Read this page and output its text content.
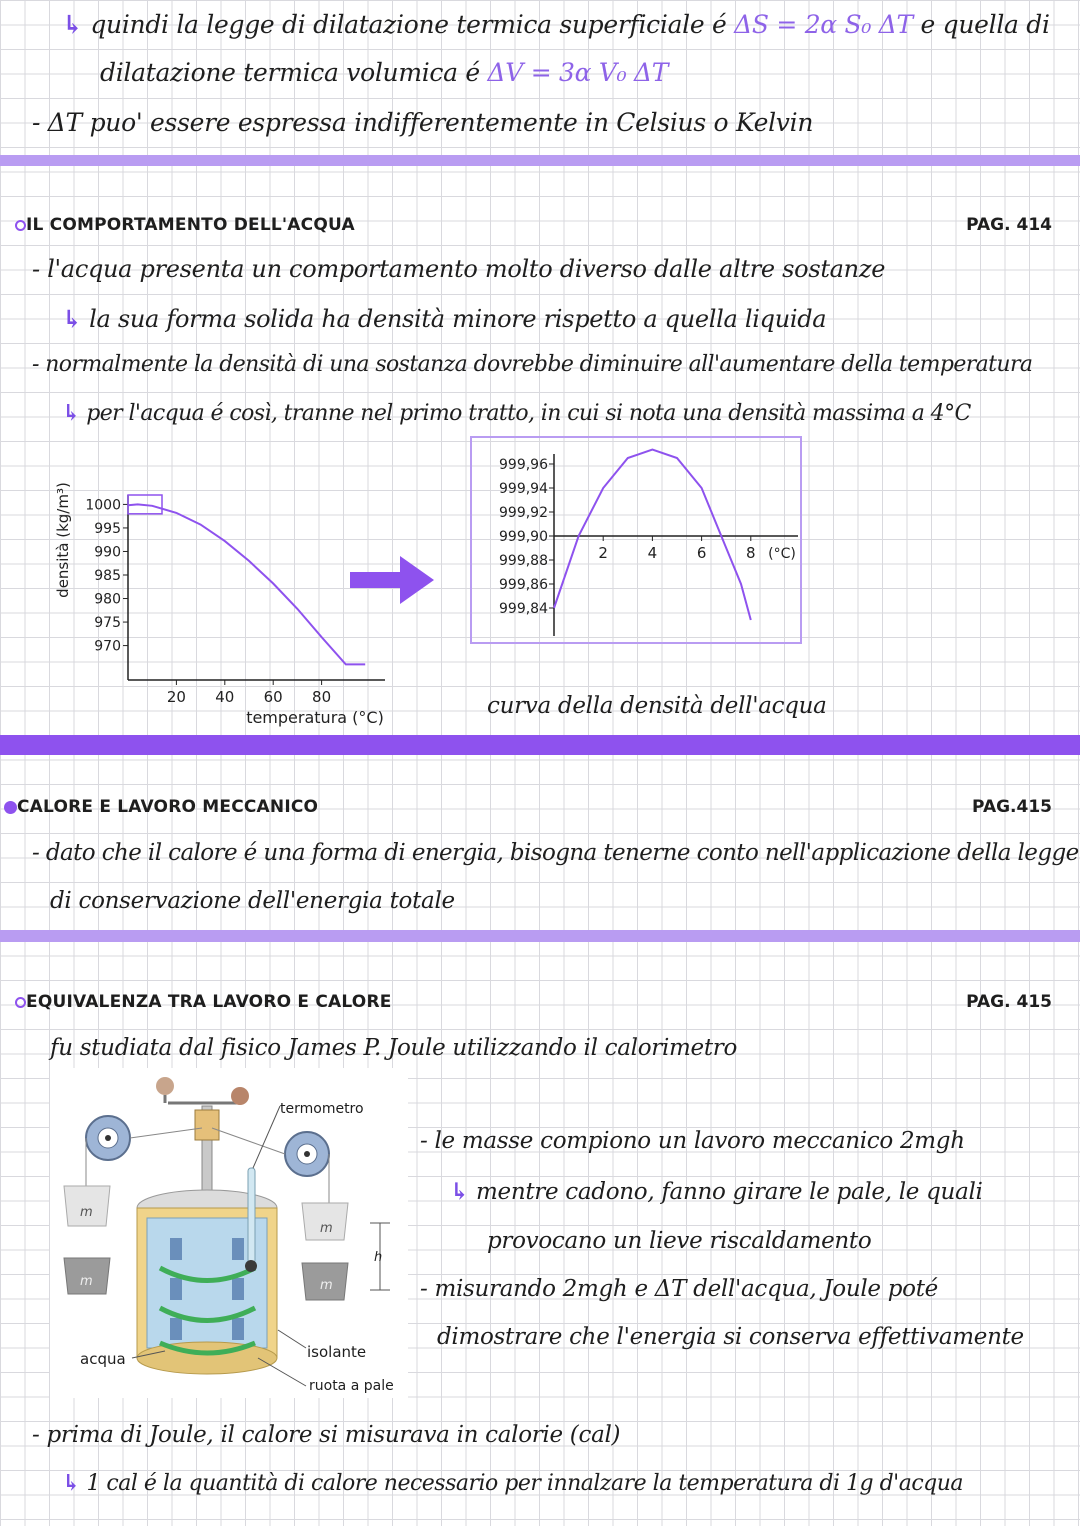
↳ quindi la legge di dilatazione termica superficiale é ΔS = 2α S₀ ΔT e quella di
dilatazione termica volumica é ΔV = 3α V₀ ΔT
- ΔT puo' essere espressa indifferentemente in Celsius o Kelvin
IL COMPORTAMENTO DELL'ACQUA	PAG. 414
- l'acqua presenta un comportamento molto diverso dalle altre sostanze
↳ la sua forma solida ha densità minore rispetto a quella liquida
- normalmente la densità di una sostanza dovrebbe diminuire all'aumentare della temperatura
↳ per l'acqua é così, tranne nel primo tratto, in cui si nota una densità massima a 4°C
1000
995
990
985
980
975
970
20 40 60 80
temperatura (°C)
densità (kg/m³)
999,96
999,94
999,92
999,90
999,88
999,86
999,84
2	4	6	8 (°C)
curva della densità dell'acqua
CALORE E LAVORO MECCANICO	PAG.415
- dato che il calore é una forma di energia, bisogna tenerne conto nell'applicazione della legge
di conservazione dell'energia totale
EQUIVALENZA TRA LAVORO E CALORE	PAG. 415
fu studiata dal fisico James P. Joule utilizzando il calorimetro
termometro
m
m
m
m
h
acqua	isolante
ruota a pale
- le masse compiono un lavoro meccanico 2mgh
↳ mentre cadono, fanno girare le pale, le quali
provocano un lieve riscaldamento
- misurando 2mgh e ΔT dell'acqua, Joule poté
dimostrare che l'energia si conserva effettivamente
- prima di Joule, il calore si misurava in calorie (cal)
↳ 1 cal é la quantità di calore necessario per innalzare la temperatura di 1g d'acqua
